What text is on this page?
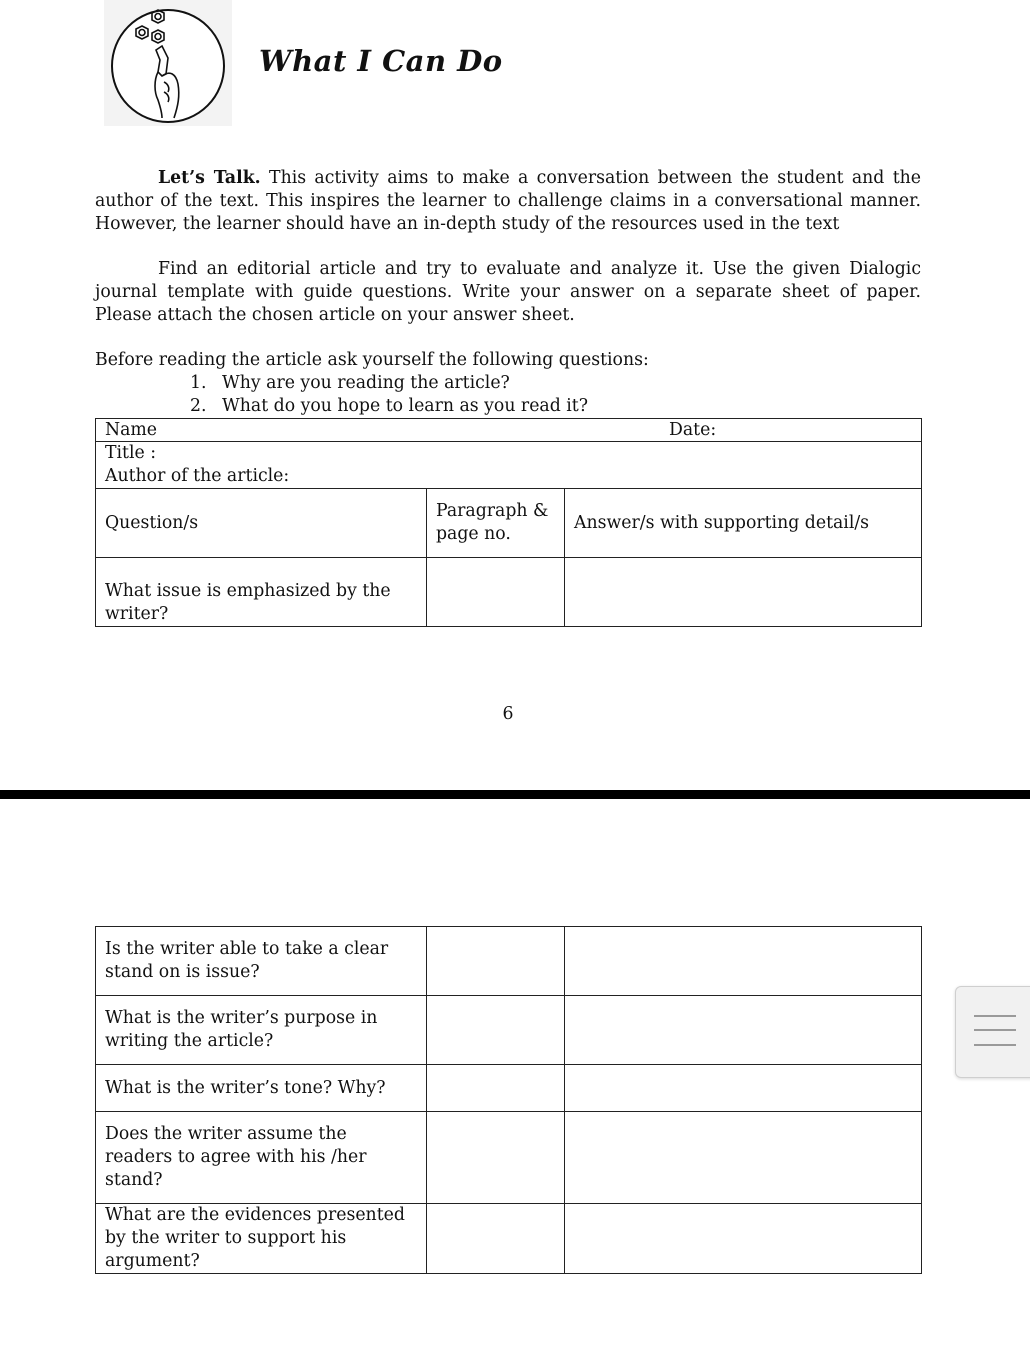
What I Can Do

Let’s Talk. This activity aims to make a conversation between the student and the author of the text. This inspires the learner to challenge claims in a conversational manner. However, the learner should have an in-depth study of the resources used in the text

Find an editorial article and try to evaluate and analyze it. Use the given Dialogic journal template with guide questions. Write your answer on a separate sheet of paper. Please attach the chosen article on your answer sheet.

Before reading the article ask yourself the following questions:

1. Why are you reading the article?
2. What do you hope to learn as you read it?
Name Date:		

Title :
Author of the article:		

Question/s	Paragraph & page no.	Answer/s with supporting detail/s
What issue is emphasized by the writer?		
6
Is the writer able to take a clear stand on is issue?		
What is the writer’s purpose in writing the article?		
What is the writer’s tone? Why?		
Does the writer assume the readers to agree with his /her stand?		
What are the evidences presented by the writer to support his argument?		
